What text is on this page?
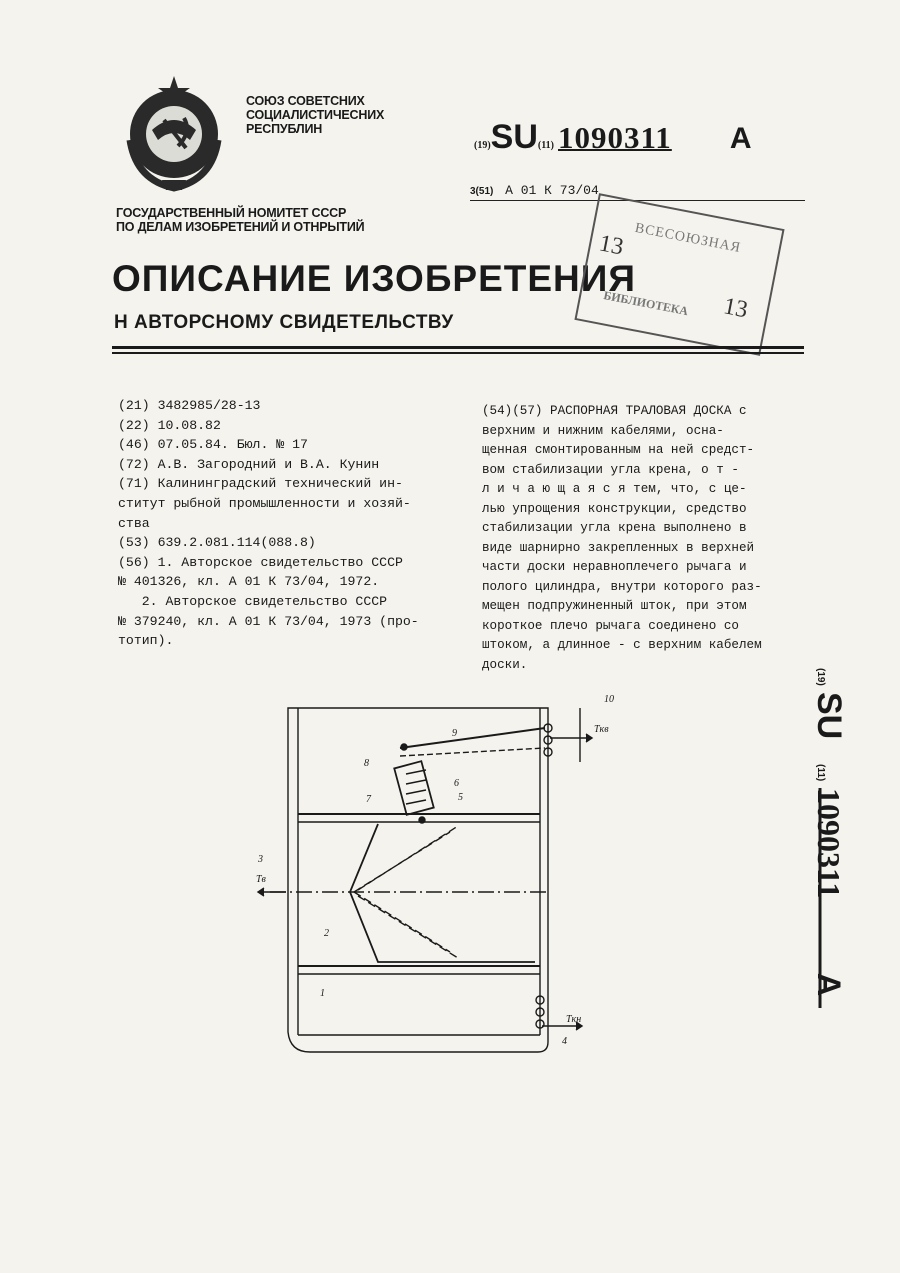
СОЮЗ СОВЕТСНИХ
СОЦИАЛИСТИЧЕСНИХ
РЕСПУБЛИН
ГОСУДАРСТВЕННЫЙ НОМИТЕТ СССР
ПО ДЕЛАМ ИЗОБРЕТЕНИЙ И ОТНРЫТИЙ
ОПИСАНИЕ ИЗОБРЕТЕНИЯ
Н АВТОРСНОМУ СВИДЕТЕЛЬСТВУ
(19)SU(11) 1090311 A
3(51) А 01 К 73/04
ВСЕСОЮЗНАЯ
13
13
БИБЛИОТЕКА
(21) 3482985/28-13
(22) 10.08.82
(46) 07.05.84. Бюл. № 17
(72) А.В. Загородний и В.А. Кунин
(71) Калининградский технический ин-
ститут рыбной промышленности и хозяй-
ства
(53) 639.2.081.114(088.8)
(56) 1. Авторское свидетельство СССР
№ 401326, кл. А 01 К 73/04, 1972.
2. Авторское свидетельство СССР
№ 379240, кл. А 01 К 73/04, 1973 (про-
тотип).

(54)(57) РАСПОРНАЯ ТРАЛОВАЯ ДОСКА с

верхним и нижним кабелями, осна-

щенная смонтированным на ней средст-

вом стабилизации угла крена, о т -

л и ч а ю щ а я с я тем, что, с це-

лью упрощения конструкции, средство

стабилизации угла крена выполнено в

виде шарнирно закрепленных в верхней

части доски неравноплечего рычага и

полого цилиндра, внутри которого раз-

мещен подпружиненный шток, при этом

короткое плечо рычага соединено со

штоком, а длинное - с верхним кабелем

доски.

(19)
SU
(11)
1090311
A
1
2
3
4
5
6
7
8
9
10
Tкв
Tкн
Tв
